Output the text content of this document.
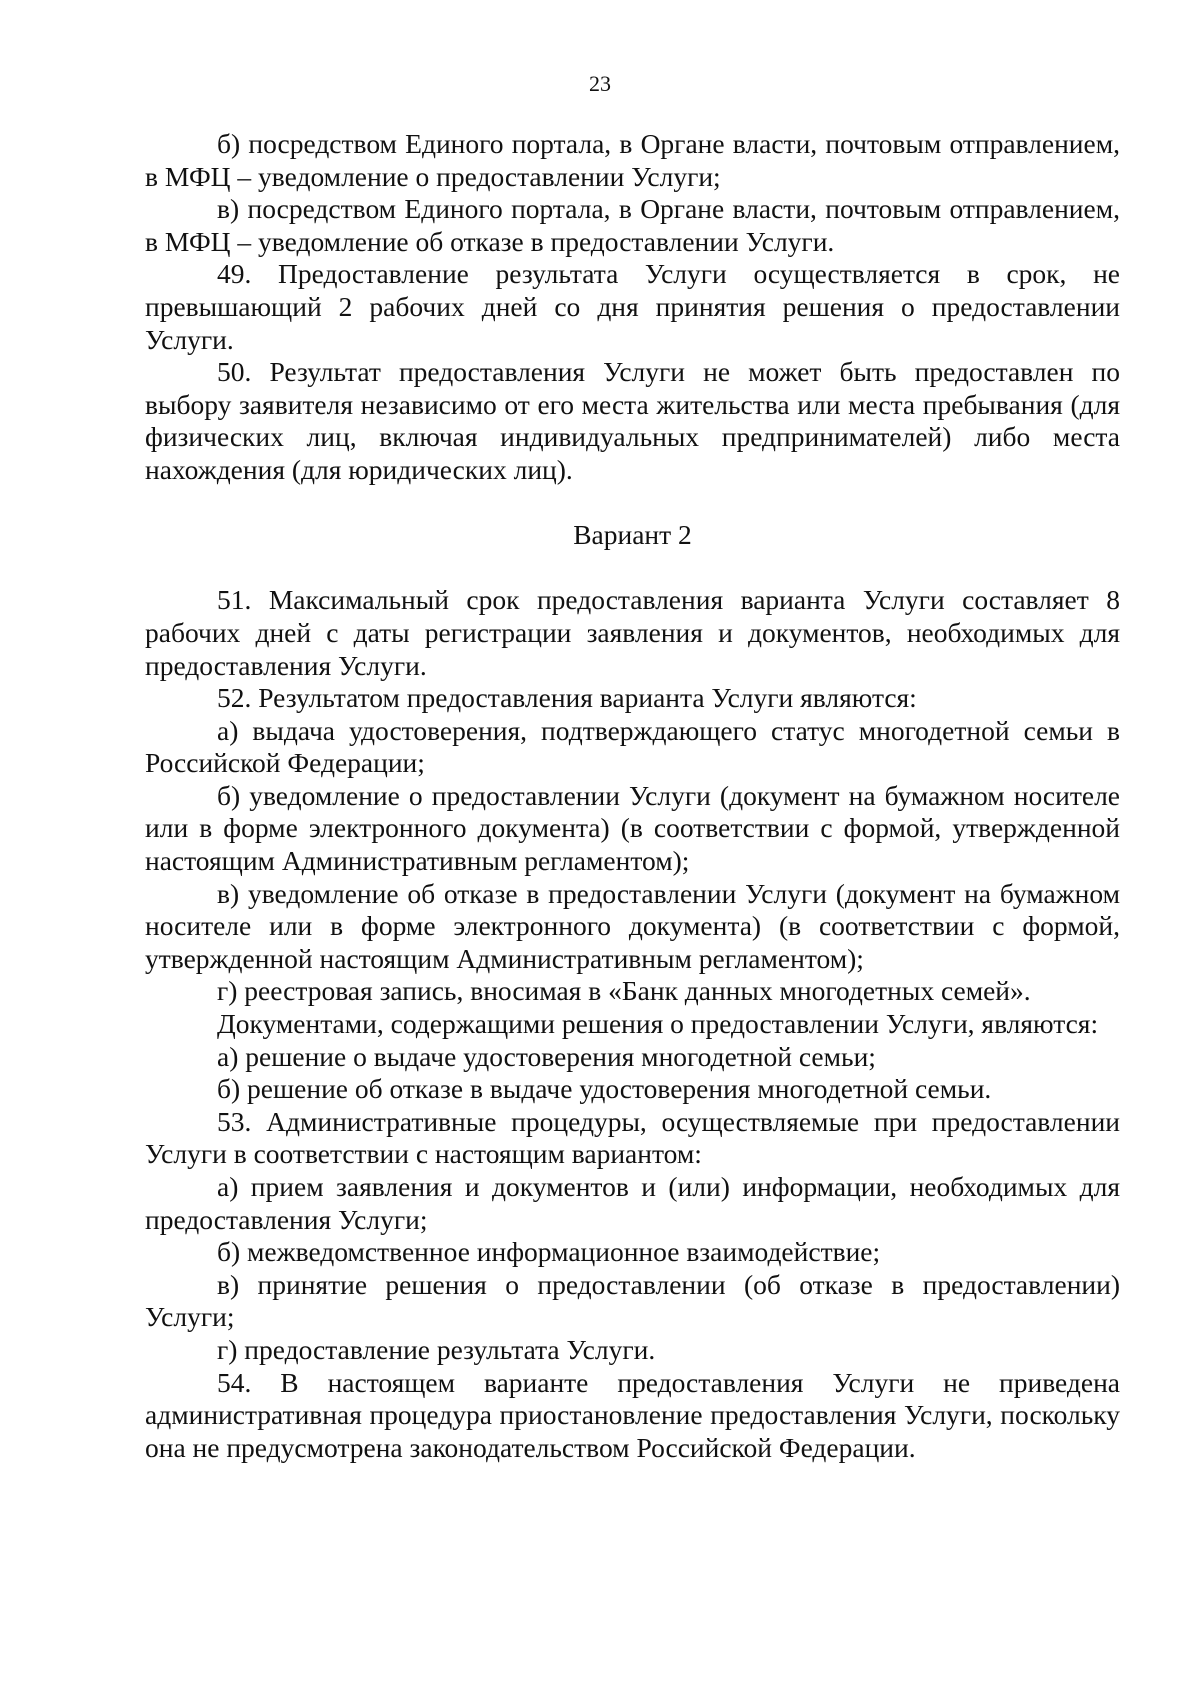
23

б) посредством Единого портала, в Органе власти, почтовым отправлением, в МФЦ – уведомление о предоставлении Услуги;

в) посредством Единого портала, в Органе власти, почтовым отправлением, в МФЦ – уведомление об отказе в предоставлении Услуги.

49. Предоставление результата Услуги осуществляется в срок, не превышающий 2 рабочих дней со дня принятия решения о предоставлении Услуги.

50. Результат предоставления Услуги не может быть предоставлен по выбору заявителя независимо от его места жительства или места пребывания (для физических лиц, включая индивидуальных предпринимателей) либо места нахождения (для юридических лиц).

Вариант 2

51. Максимальный срок предоставления варианта Услуги составляет 8 рабочих дней с даты регистрации заявления и документов, необходимых для предоставления Услуги.

52. Результатом предоставления варианта Услуги являются:

а) выдача удостоверения, подтверждающего статус многодетной семьи в Российской Федерации;

б) уведомление о предоставлении Услуги (документ на бумажном носителе или в форме электронного документа) (в соответствии с формой, утвержденной настоящим Административным регламентом);

в) уведомление об отказе в предоставлении Услуги (документ на бумажном носителе или в форме электронного документа) (в соответствии с формой, утвержденной настоящим Административным регламентом);

г) реестровая запись, вносимая в «Банк данных многодетных семей».

Документами, содержащими решения о предоставлении Услуги, являются:

а) решение о выдаче удостоверения многодетной семьи;

б) решение об отказе в выдаче удостоверения многодетной семьи.

53. Административные процедуры, осуществляемые при предоставлении Услуги в соответствии с настоящим вариантом:

а) прием заявления и документов и (или) информации, необходимых для предоставления Услуги;

б) межведомственное информационное взаимодействие;

в) принятие решения о предоставлении (об отказе в предоставлении) Услуги;

г) предоставление результата Услуги.

54. В настоящем варианте предоставления Услуги не приведена административная процедура приостановление предоставления Услуги, поскольку она не предусмотрена законодательством Российской Федерации.
